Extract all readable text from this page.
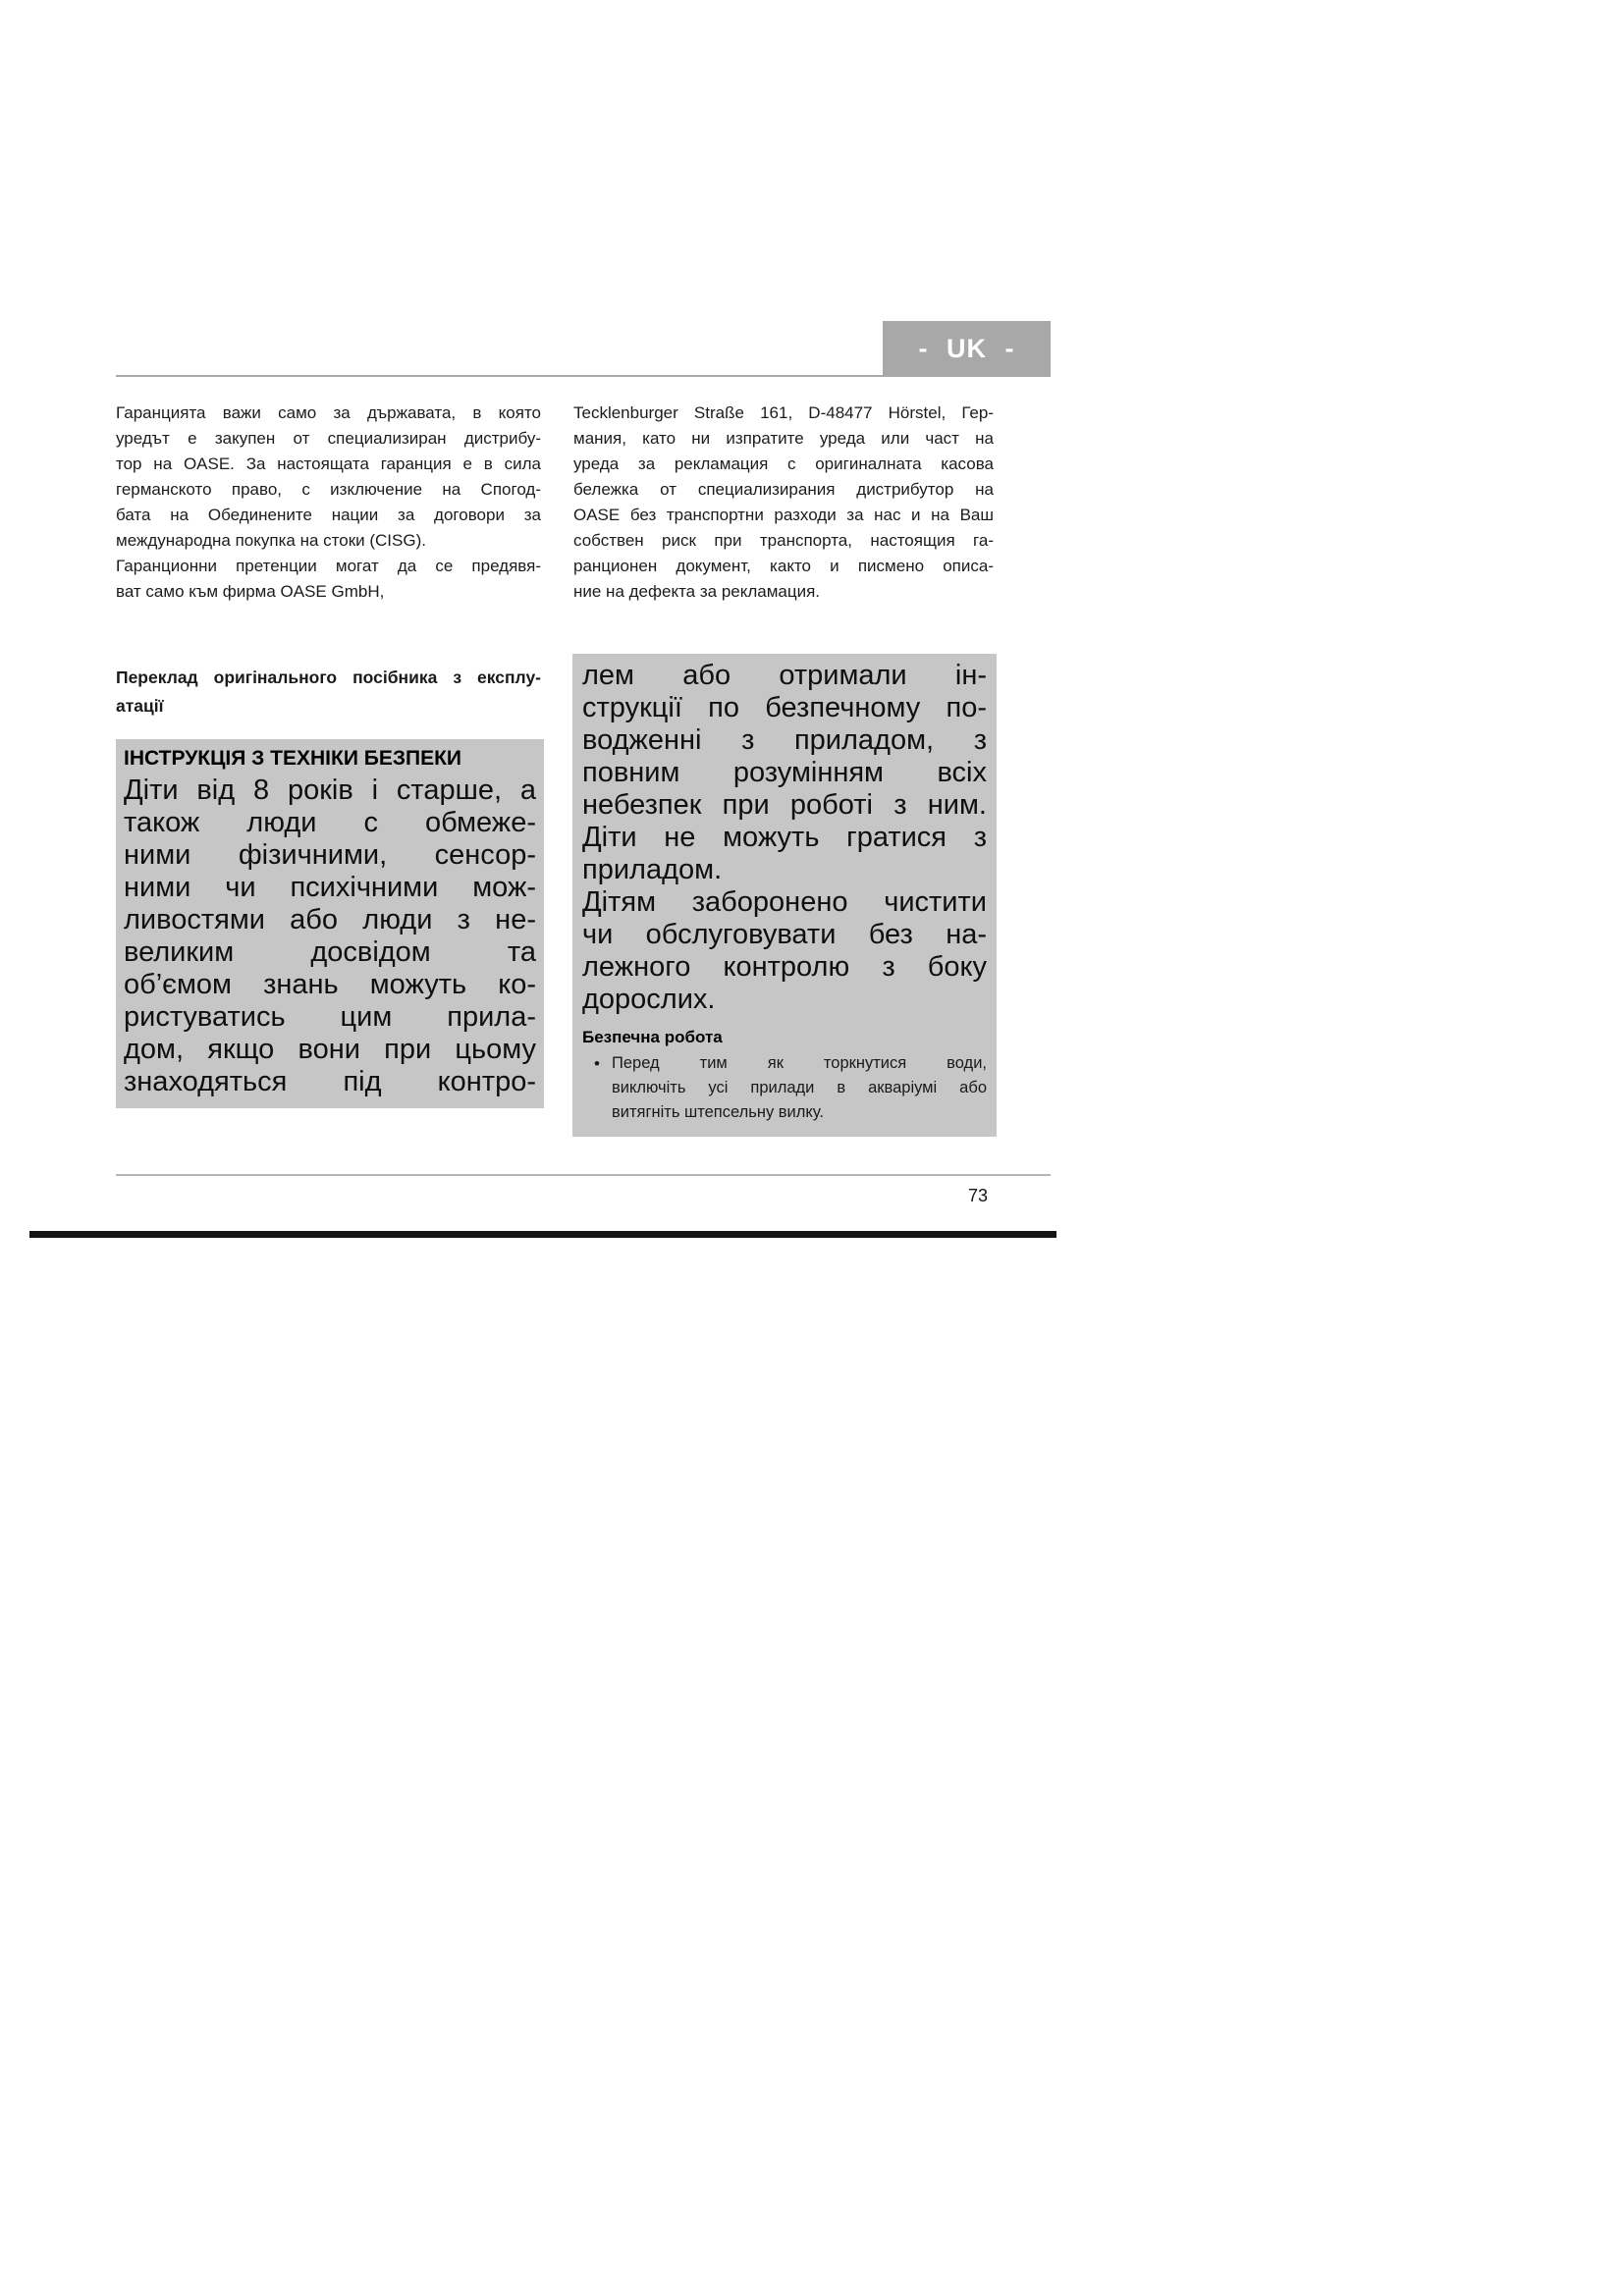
- UK -
Гаранцията важи само за държавата, в която
уредът е закупен от специализиран дистрибу-
тор на OASE. За настоящата гаранция е в сила
германското право, с изключение на Спогод-
бата на Обединените нации за договори за
международна покупка на стоки (CISG).
Гаранционни претенции могат да се предявя-
ват само към фирма OASE GmbH,
Tecklenburger Straße 161, D-48477 Hörstel, Гер-
мания, като ни изпратите уреда или част на
уреда за рекламация с оригиналната касова
бележка от специализирания дистрибутор на
OASE без транспортни разходи за нас и на Ваш
собствен риск при транспорта, настоящия га-
ранционен документ, както и писмено описа-
ние на дефекта за рекламация.
Переклад оригінального посібника з експлу-
атації
ІНСТРУКЦІЯ З ТЕХНІКИ БЕЗПЕКИ
Діти від 8 років і старше, а
також люди с обмеже-
ними фізичними, сенсор-
ними чи психічними мож-
ливостями або люди з не-
великим досвідом та
об’ємом знань можуть ко-
ристуватись цим прила-
дом, якщо вони при цьому
знаходяться під контро-
лем або отримали ін-
струкції по безпечному по-
водженні з приладом, з
повним розумінням всіх
небезпек при роботі з ним.
Діти не можуть гратися з
приладом.
Дітям заборонено чистити
чи обслуговувати без на-
лежного контролю з боку
дорослих.
Безпечна робота
• Перед тим як торкнутися води,
виключіть усі прилади в акваріумі або
витягніть штепсельну вилку.
73
